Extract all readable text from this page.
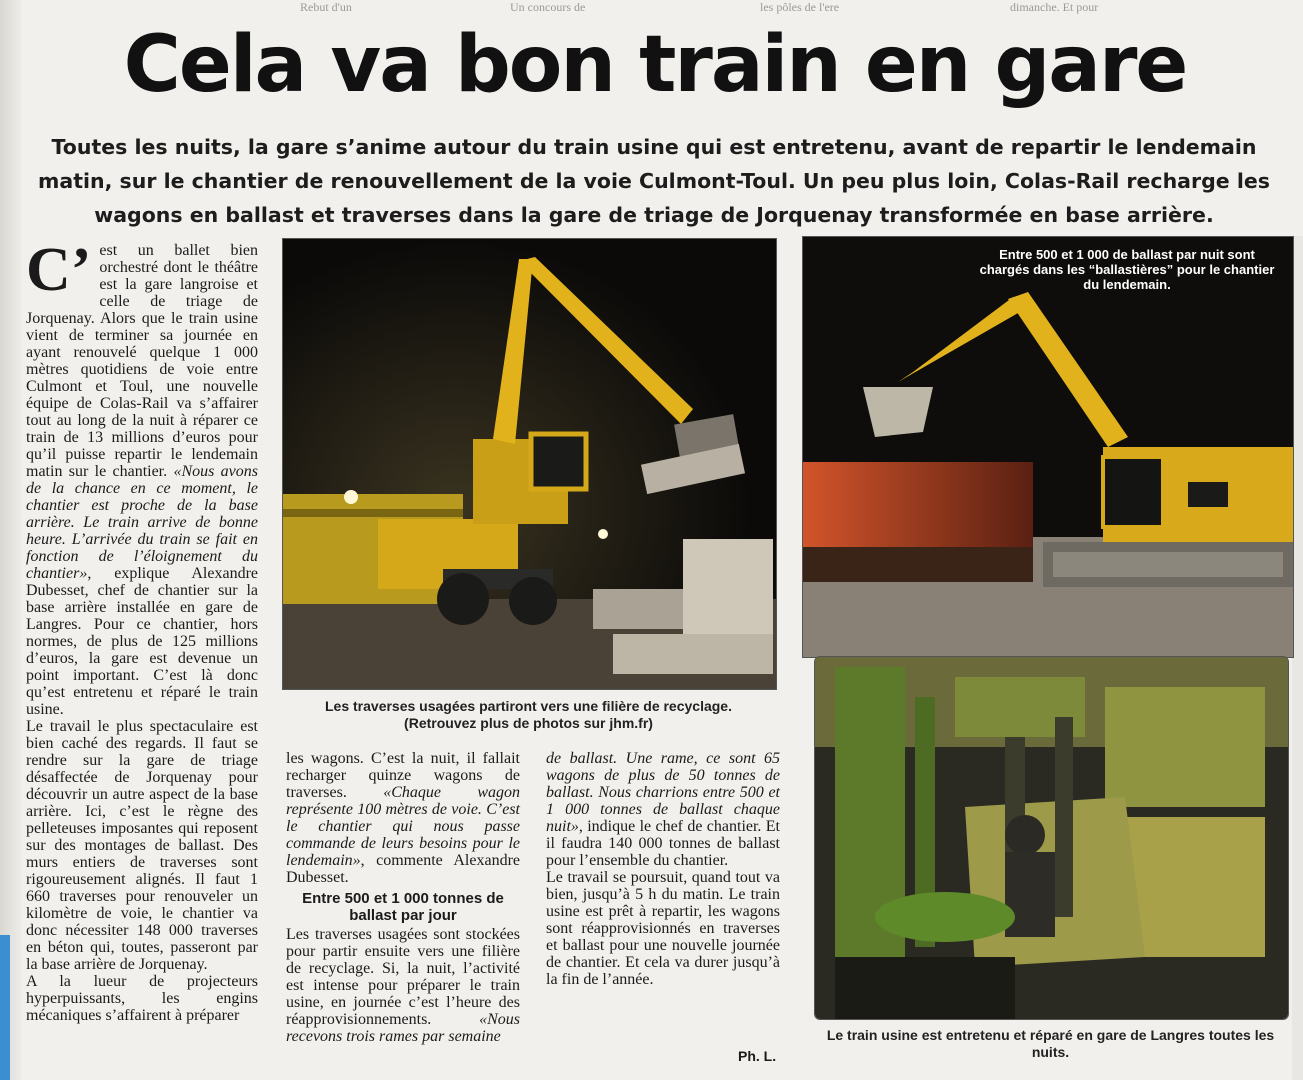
Rebut d'un	Un concours de	les pôles de l'ere	dimanche. Et pour
Cela va bon train en gare

Toutes les nuits, la gare s’anime autour du train usine qui est entretenu, avant de repartir le lendemain matin, sur le chantier de renouvellement de la voie Culmont-Toul. Un peu plus loin, Colas-Rail recharge les wagons en ballast et traverses dans la gare de triage de Jorquenay transformée en base arrière.

C’ est un ballet bien orchestré dont le théâtre est la gare langroise et celle de triage de Jorquenay. Alors que le train usine vient de terminer sa journée en ayant renouvelé quelque 1 000 mètres quotidiens de voie entre Culmont et Toul, une nouvelle équipe de Colas-Rail va s’affairer tout au long de la nuit à réparer ce train de 13 millions d’euros pour qu’il puisse repartir le lendemain matin sur le chantier. «Nous avons de la chance en ce moment, le chantier est proche de la base arrière. Le train arrive de bonne heure. L’arrivée du train se fait en fonction de l’éloignement du chantier», explique Alexandre Dubesset, chef de chantier sur la base arrière installée en gare de Langres. Pour ce chantier, hors normes, de plus de 125 millions d’euros, la gare est devenue un point important. C’est là donc qu’est entretenu et réparé le train usine.

Le travail le plus spectaculaire est bien caché des regards. Il faut se rendre sur la gare de triage désaffectée de Jorquenay pour découvrir un autre aspect de la base arrière. Ici, c’est le règne des pelleteuses imposantes qui reposent sur des montages de ballast. Des murs entiers de traverses sont rigoureusement alignés. Il faut 1 660 traverses pour renouveler un kilomètre de voie, le chantier va donc nécessiter 148 000 traverses en béton qui, toutes, passeront par la base arrière de Jorquenay.

A la lueur de projecteurs hyperpuissants, les engins mécaniques s’affairent à préparer

Les traverses usagées partiront vers une filière de recyclage.
(Retrouvez plus de photos sur jhm.fr)
Entre 500 et 1 000 de ballast par nuit sont chargés dans les “ballastières” pour le chantier du lendemain.
Le train usine est entretenu et réparé en gare de Langres toutes les nuits.

les wagons. C’est la nuit, il fallait recharger quinze wagons de traverses. «Chaque wagon représente 100 mètres de voie. C’est le chantier qui nous passe commande de leurs besoins pour le lendemain», commente Alexandre Dubesset.

Entre 500 et 1 000 tonnes de ballast par jour

Les traverses usagées sont stockées pour partir ensuite vers une filière de recyclage. Si, la nuit, l’activité est intense pour préparer le train usine, en journée c’est l’heure des réapprovisionnements. «Nous recevons trois rames par semaine

de ballast. Une rame, ce sont 65 wagons de plus de 50 tonnes de ballast. Nous charrions entre 500 et 1 000 tonnes de ballast chaque nuit», indique le chef de chantier. Et il faudra 140 000 tonnes de ballast pour l’ensemble du chantier.

Le travail se poursuit, quand tout va bien, jusqu’à 5 h du matin. Le train usine est prêt à repartir, les wagons sont réapprovisionnés en traverses et ballast pour une nouvelle journée de chantier. Et cela va durer jusqu’à la fin de l’année.

Ph. L.
